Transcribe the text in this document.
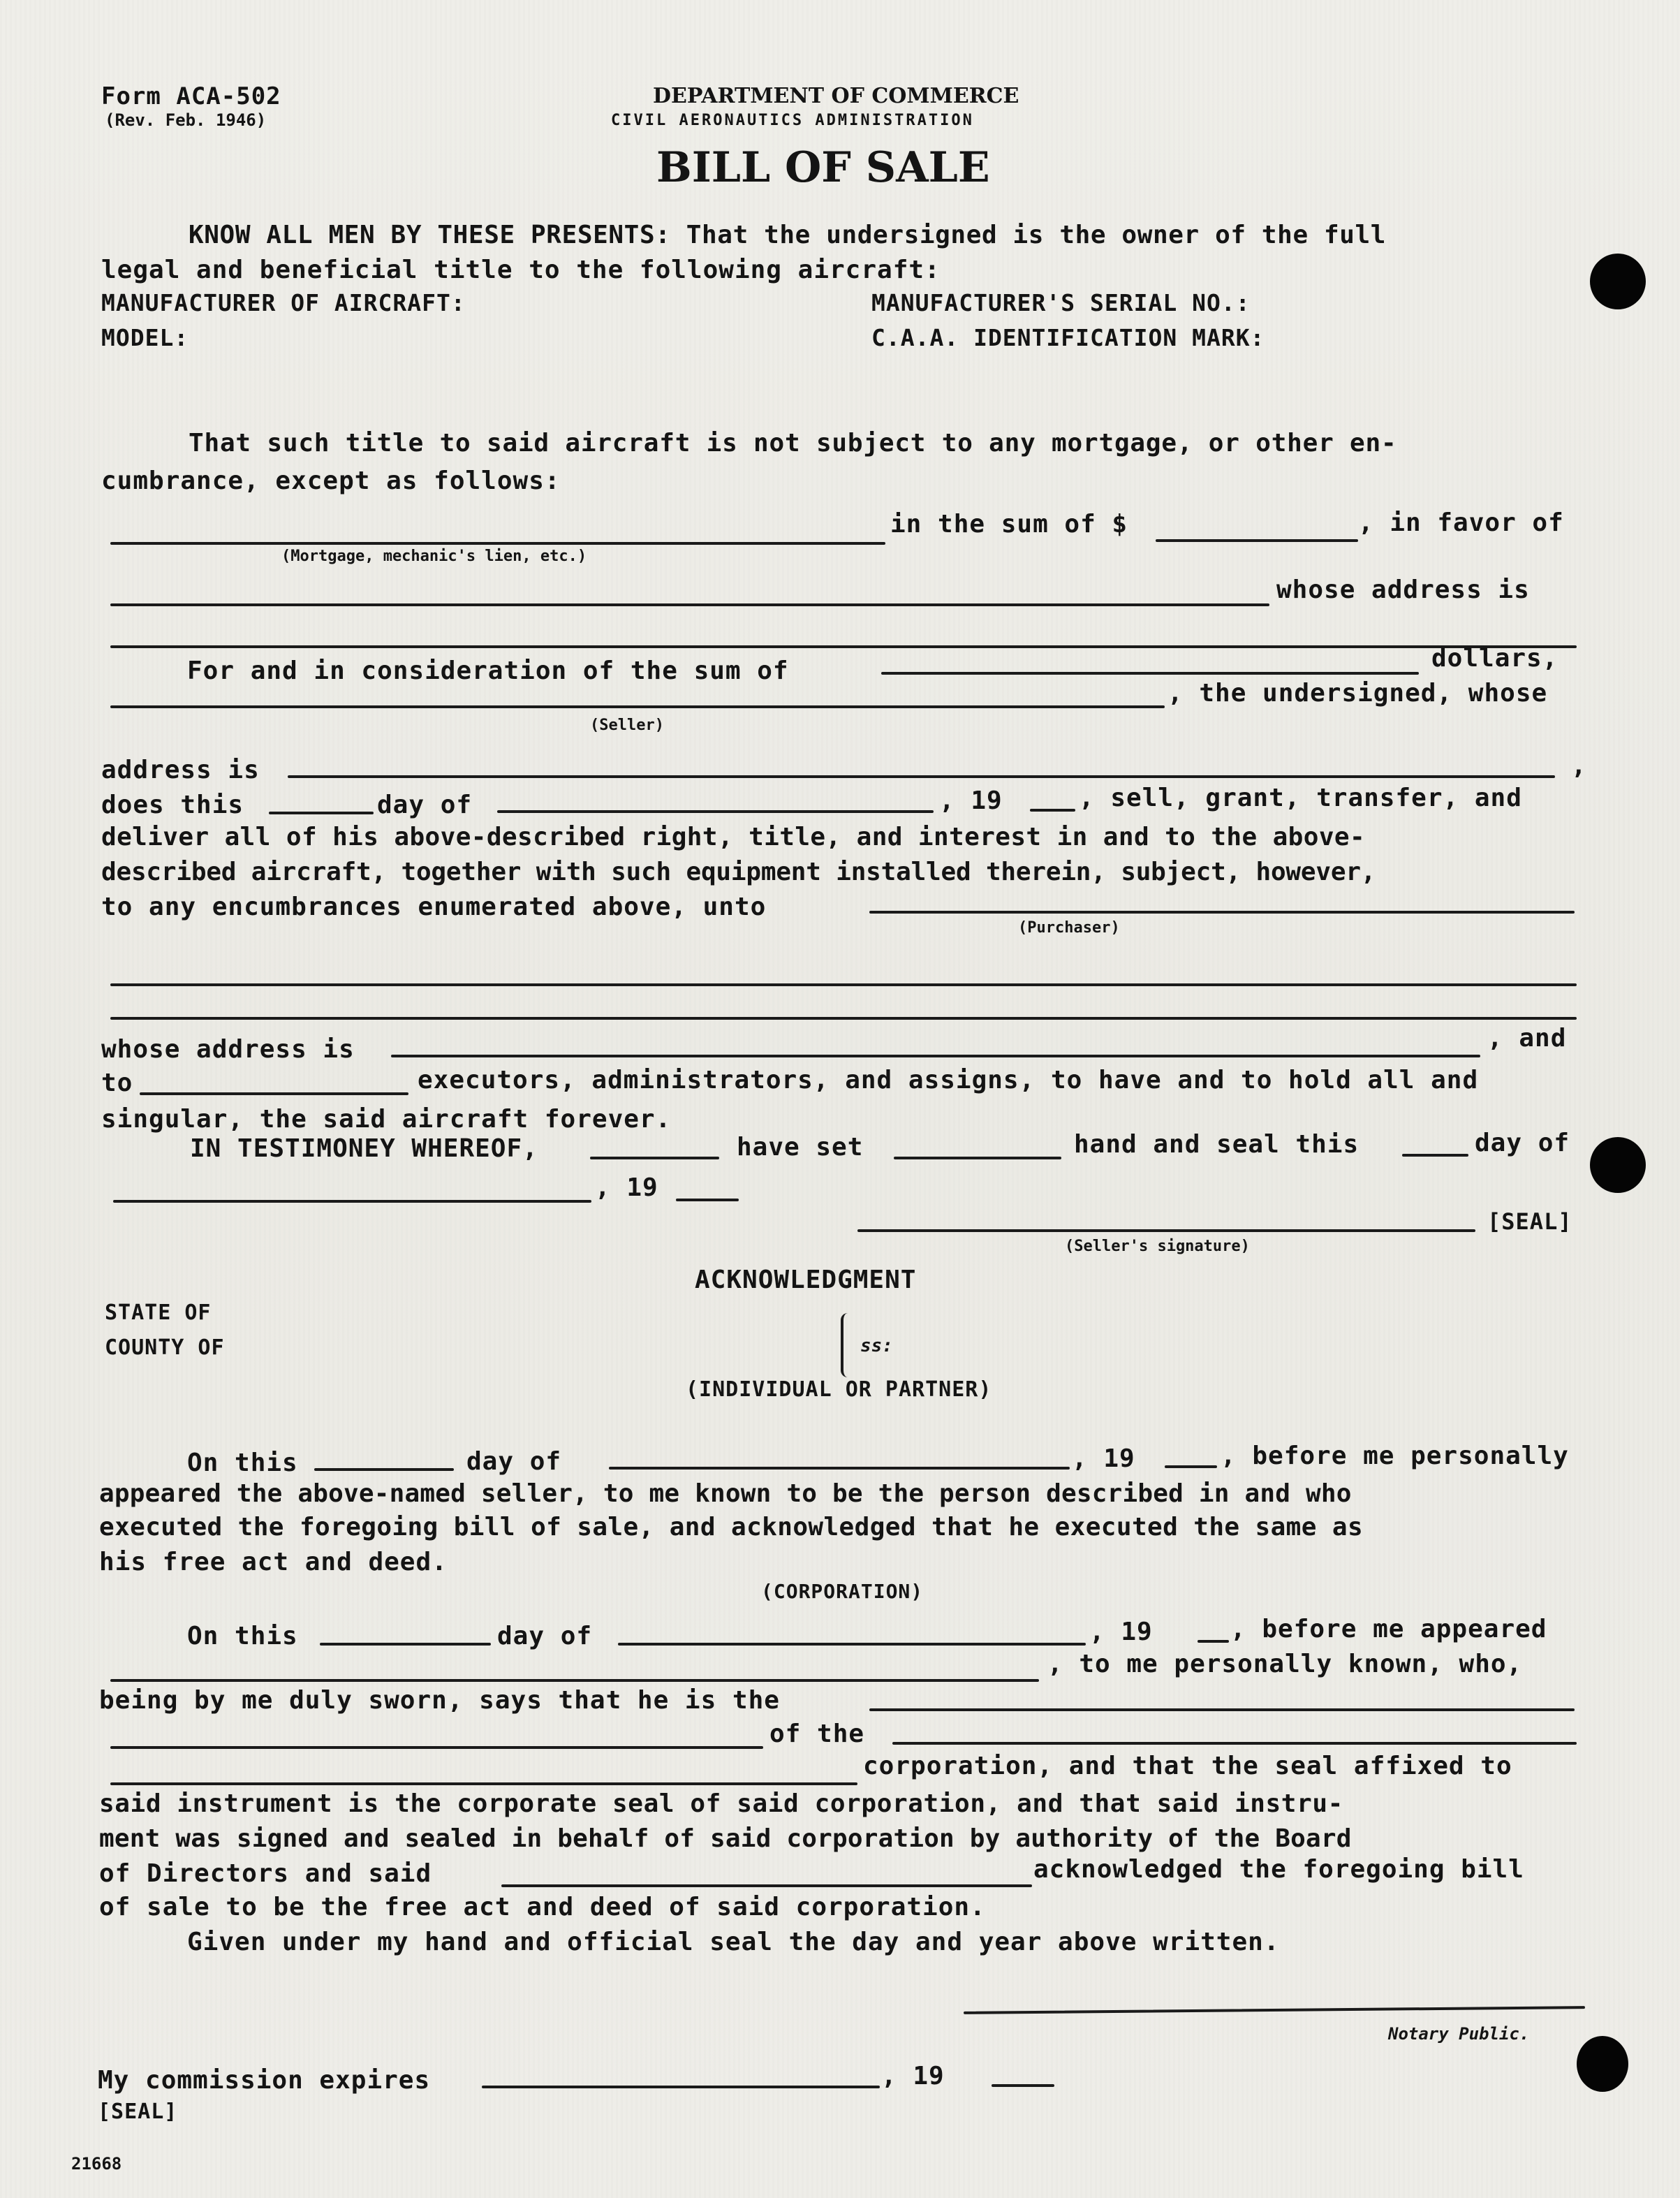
Form ACA-502
(Rev. Feb. 1946)
DEPARTMENT OF COMMERCE
CIVIL AERONAUTICS ADMINISTRATION
BILL OF SALE
KNOW ALL MEN BY THESE PRESENTS: That the undersigned is the owner of the full
legal and beneficial title to the following aircraft:
MANUFACTURER OF AIRCRAFT:	MANUFACTURER'S SERIAL NO.:
MODEL:	C.A.A. IDENTIFICATION MARK:
That such title to said aircraft is not subject to any mortgage, or other en-
cumbrance, except as follows:
in the sum of $	, in favor of
(Mortgage, mechanic's lien, etc.)
whose address is
For and in consideration of the sum of	dollars,
, the undersigned, whose
(Seller)
address is	,
does this	day of	, 19	, sell, grant, transfer, and
deliver all of his above-described right, title, and interest in and to the above-
described aircraft, together with such equipment installed therein, subject, however,
to any encumbrances enumerated above, unto
(Purchaser)
whose address is	, and
to	executors, administrators, and assigns, to have and to hold all and
singular, the said aircraft forever.
IN TESTIMONEY WHEREOF,	have set	hand and seal this	day of
, 19
[SEAL]
(Seller's signature)
ACKNOWLEDGMENT
STATE OF
COUNTY OF	ss:
(INDIVIDUAL OR PARTNER)
On this	day of	, 19	, before me personally
appeared the above-named seller, to me known to be the person described in and who
executed the foregoing bill of sale, and acknowledged that he executed the same as
his free act and deed.
(CORPORATION)
On this	day of	, 19	, before me appeared
, to me personally known, who,
being by me duly sworn, says that he is the
of the
corporation, and that the seal affixed to
said instrument is the corporate seal of said corporation, and that said instru-
ment was signed and sealed in behalf of said corporation by authority of the Board
of Directors and said	acknowledged the foregoing bill
of sale to be the free act and deed of said corporation.
Given under my hand and official seal the day and year above written.
Notary Public.
My commission expires	, 19
[SEAL]
21668
